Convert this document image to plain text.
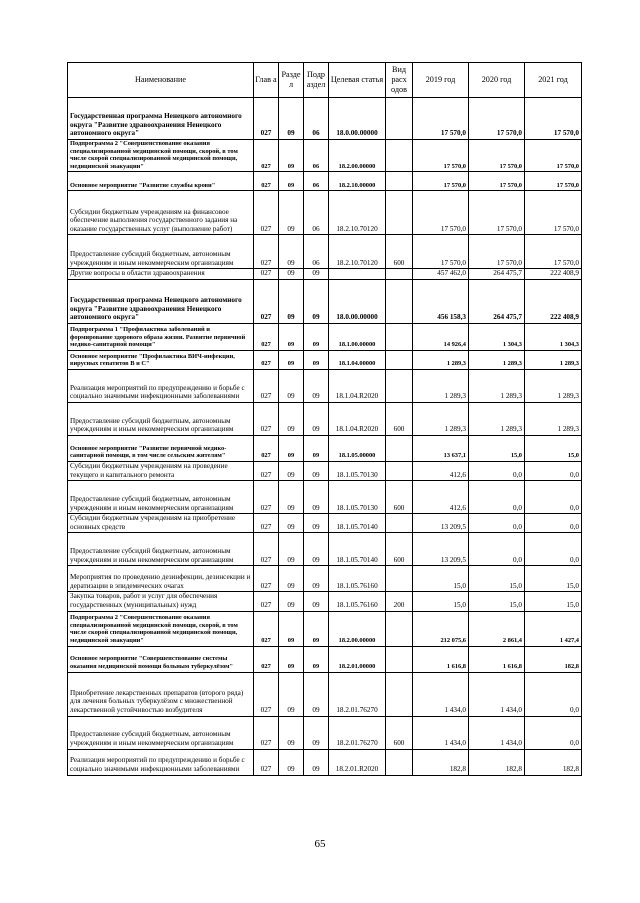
Наименование	Глав а	Разде л	Подр аздел	Целевая статья	Вид расх одов	2019 год	2020 год	2021 год
Государственная программа Ненецкого автономного округа "Развитие здравоохранения Ненецкого автономного округа"	027	09	06	18.0.00.00000		17 570,0	17 570,0	17 570,0
Подпрограмма 2 "Совершенствование оказания специализированной медицинской помощи, скорой, в том числе скорой специализированной медицинской помощи, медицинской эвакуации"	027	09	06	18.2.00.00000		17 570,0	17 570,0	17 570,0
Основное мероприятие "Развитие службы крови"	027	09	06	18.2.10.00000		17 570,0	17 570,0	17 570,0
Субсидии бюджетным учреждениям на финансовое обеспечение выполнения государственного задания на оказание государственных услуг (выполнение работ)	027	09	06	18.2.10.70120		17 570,0	17 570,0	17 570,0
Предоставление субсидий бюджетным, автономным учреждениям и иным некоммерческим организациям	027	09	06	18.2.10.70120	600	17 570,0	17 570,0	17 570,0
Другие вопросы в области здравоохранения	027	09	09			457 462,0	264 475,7	222 408,9
Государственная программа Ненецкого автономного округа "Развитие здравоохранения Ненецкого автономного округа"	027	09	09	18.0.00.00000		456 158,3	264 475,7	222 408,9
Подпрограмма 1 "Профилактика заболеваний и формирование здорового образа жизни. Развитие первичной медико-санитарной помощи"	027	09	09	18.1.00.00000		14 926,4	1 304,3	1 304,3
Основное мероприятие "Профилактика ВИЧ-инфекции, вирусных гепатитов В и С"	027	09	09	18.1.04.00000		1 289,3	1 289,3	1 289,3
Реализация мероприятий по предупреждению и борьбе с социально значимыми инфекционными заболеваниями	027	09	09	18.1.04.R2020		1 289,3	1 289,3	1 289,3
Предоставление субсидий бюджетным, автономным учреждениям и иным некоммерческим организациям	027	09	09	18.1.04.R2020	600	1 289,3	1 289,3	1 289,3
Основное мероприятие "Развитие первичной медико-санитарной помощи, в том числе сельским жителям"	027	09	09	18.1.05.00000		13 637,1	15,0	15,0
Субсидии бюджетным учреждениям на проведение текущего и капитального ремонта	027	09	09	18.1.05.70130		412,6	0,0	0,0
Предоставление субсидий бюджетным, автономным учреждениям и иным некоммерческим организациям	027	09	09	18.1.05.70130	600	412,6	0,0	0,0
Субсидии бюджетным учреждениям на приобретение основных средств	027	09	09	18.1.05.70140		13 209,5	0,0	0,0
Предоставление субсидий бюджетным, автономным учреждениям и иным некоммерческим организациям	027	09	09	18.1.05.70140	600	13 209,5	0,0	0,0
Мероприятия по проведению дезинфекции, дезинсекции и дератизации в эпидемических очагах	027	09	09	18.1.05.76160		15,0	15,0	15,0
Закупка товаров, работ и услуг для обеспечения государственных (муниципальных) нужд	027	09	09	18.1.05.76160	200	15,0	15,0	15,0
Подпрограмма 2 "Совершенствование оказания специализированной медицинской помощи, скорой, в том числе скорой специализированной медицинской помощи, медицинской эвакуации"	027	09	09	18.2.00.00000		212 075,6	2 861,4	1 427,4
Основное мероприятие "Совершенствование системы оказания медицинской помощи больным туберкулёзом"	027	09	09	18.2.01.00000		1 616,8	1 616,8	182,8
Приобретение лекарственных препаратов (второго ряда) для лечения больных туберкулёзом с множественной лекарственной устойчивостью возбудителя	027	09	09	18.2.01.76270		1 434,0	1 434,0	0,0
Предоставление субсидий бюджетным, автономным учреждениям и иным некоммерческим организациям	027	09	09	18.2.01.76270	600	1 434,0	1 434,0	0,0
Реализация мероприятий по предупреждению и борьбе с социально значимыми инфекционными заболеваниями	027	09	09	18.2.01.R2020		182,8	182,8	182,8
65
